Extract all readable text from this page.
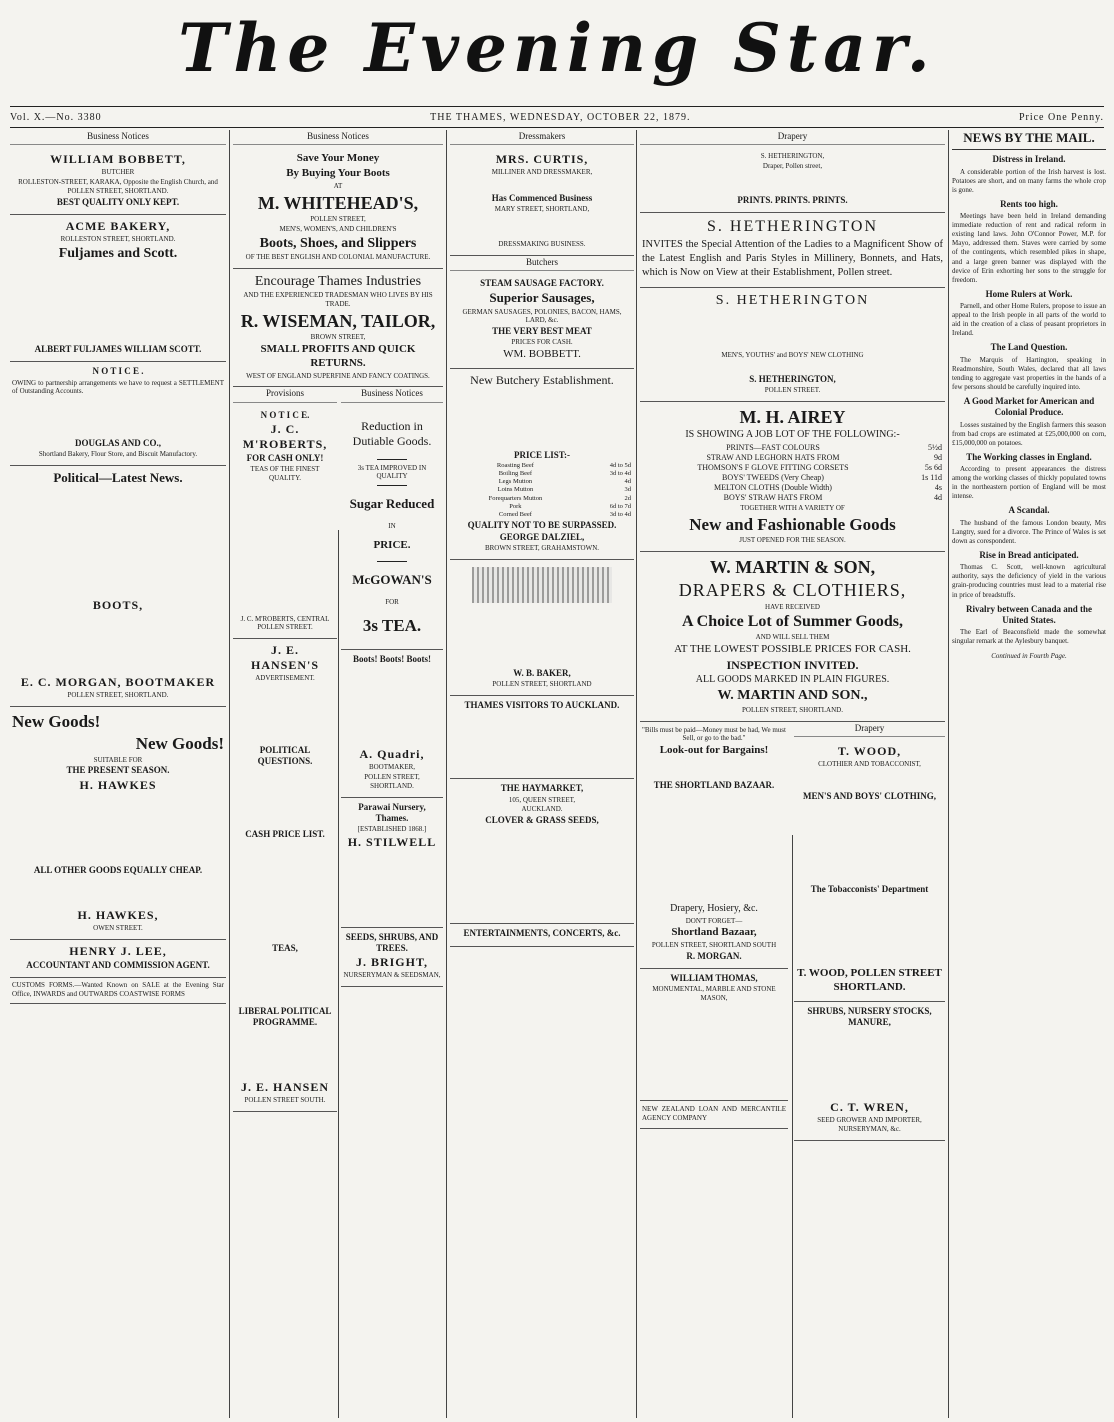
The Evening Star.
Vol. X.—No. 3380	THE THAMES, WEDNESDAY, OCTOBER 22, 1879.	Price One Penny.
Business Notices

WILLIAM BOBBETT,

BUTCHER

ROLLESTON-STREET, KARAKA, Opposite the English Church, and POLLEN STREET, SHORTLAND.

BEST QUALITY ONLY KEPT.

ACME BAKERY,

ROLLESTON STREET, SHORTLAND.

Fuljames and Scott.

ALBERT FULJAMES WILLIAM SCOTT.

N O T I C E .

OWING to partnership arrangements we have to request a SETTLEMENT of Outstanding Accounts.

DOUGLAS AND CO.,

Shortland Bakery, Flour Store, and Biscuit Manufactory.

Political—Latest News.

BOOTS,

E. C. MORGAN, BOOTMAKER

POLLEN STREET, SHORTLAND.

New Goods!

New Goods!

SUITABLE FOR

THE PRESENT SEASON.

H. HAWKES

ALL OTHER GOODS EQUALLY CHEAP.

H. HAWKES,

OWEN STREET.

HENRY J. LEE,

ACCOUNTANT AND COMMISSION AGENT.

CUSTOMS FORMS.—Wanted Known on SALE at the Evening Star Office, INWARDS and OUTWARDS COASTWISE FORMS
Business Notices

Save Your Money

By Buying Your Boots

AT

M. WHITEHEAD'S,

POLLEN STREET,

MEN'S, WOMEN'S, AND CHILDREN'S

Boots, Shoes, and Slippers

OF THE BEST ENGLISH AND COLONIAL MANUFACTURE.

Encourage Thames Industries

AND THE EXPERIENCED TRADESMAN WHO LIVES BY HIS TRADE.

R. WISEMAN, TAILOR,

BROWN STREET,

SMALL PROFITS AND QUICK RETURNS.

WEST OF ENGLAND SUPERFINE AND FANCY COATINGS.

Provisions

N O T I C E.

J. C. M'ROBERTS,

FOR CASH ONLY!

TEAS OF THE FINEST QUALITY.

J. C. M'ROBERTS, CENTRAL POLLEN STREET.

J. E. HANSEN'S

ADVERTISEMENT.

POLITICAL QUESTIONS.

CASH PRICE LIST.

TEAS,

LIBERAL POLITICAL PROGRAMME.

J. E. HANSEN

POLLEN STREET SOUTH.

Business Notices

Reduction in Dutiable Goods.

3s TEA IMPROVED IN QUALITY

Sugar Reduced

IN

PRICE.

McGOWAN'S

FOR

3s TEA.

Boots! Boots! Boots!

A. Quadri,

BOOTMAKER,

POLLEN STREET, SHORTLAND.

Parawai Nursery, Thames.

[ESTABLISHED 1868.]

H. STILWELL

SEEDS, SHRUBS, AND TREES.

J. BRIGHT,

NURSERYMAN & SEEDSMAN,

Dressmakers

MRS. CURTIS,

MILLINER AND DRESSMAKER,

Has Commenced Business

MARY STREET, SHORTLAND,

DRESSMAKING BUSINESS.

Butchers

STEAM SAUSAGE FACTORY.

Superior Sausages,

GERMAN SAUSAGES, POLONIES, BACON, HAMS, LARD, &c.

THE VERY BEST MEAT

PRICES FOR CASH.

WM. BOBBETT.

New Butchery Establishment.

PRICE LIST:-

Roasting Beef	4d to 5d
Boiling Beef	3d to 4d
Legs Mutton	4d
Loins Mutton	3d
Forequarters Mutton	2d
Pork	6d to 7d
Corned Beef	3d to 4d

QUALITY NOT TO BE SURPASSED.

GEORGE DALZIEL,

BROWN STREET, GRAHAMSTOWN.

W. B. BAKER,

POLLEN STREET, SHORTLAND

THAMES VISITORS TO AUCKLAND.

THE HAYMARKET,

105, QUEEN STREET,

AUCKLAND.

CLOVER & GRASS SEEDS,

ENTERTAINMENTS, CONCERTS, &c.

Drapery

S. HETHERINGTON,

Draper, Pollen street,

PRINTS. PRINTS. PRINTS.

S. HETHERINGTON

INVITES the Special Attention of the Ladies to a Magnificent Show of the Latest English and Paris Styles in Millinery, Bonnets, and Hats, which is Now on View at their Establishment, Pollen street.

S. HETHERINGTON

MEN'S, YOUTHS' and BOYS' NEW CLOTHING

S. HETHERINGTON,

POLLEN STREET.

M. H. AIREY

IS SHOWING A JOB LOT OF THE FOLLOWING:-

PRINTS—FAST COLOURS	5½d
STRAW AND LEGHORN HATS FROM	9d
THOMSON'S F GLOVE FITTING CORSETS	5s 6d
BOYS' TWEEDS (Very Cheap)	1s 11d
MELTON CLOTHS (Double Width)	4s
BOYS' STRAW HATS FROM	4d

TOGETHER WITH A VARIETY OF

New and Fashionable Goods

JUST OPENED FOR THE SEASON.

W. MARTIN & SON,

DRAPERS & CLOTHIERS,

HAVE RECEIVED

A Choice Lot of Summer Goods,

AND WILL SELL THEM

AT THE LOWEST POSSIBLE PRICES FOR CASH.

INSPECTION INVITED.

ALL GOODS MARKED IN PLAIN FIGURES.

W. MARTIN AND SON.,

POLLEN STREET, SHORTLAND.

"Bills must be paid—Money must be had, We must Sell, or go to the bad."

Look-out for Bargains!

THE SHORTLAND BAZAAR.

Drapery, Hosiery, &c.

DON'T FORGET—

Shortland Bazaar,

POLLEN STREET, SHORTLAND SOUTH

R. MORGAN.

WILLIAM THOMAS,

MONUMENTAL, MARBLE AND STONE MASON,

NEW ZEALAND LOAN AND MERCANTILE AGENCY COMPANY

Drapery

T. WOOD,

CLOTHIER AND TOBACCONIST,

MEN'S AND BOYS' CLOTHING,

The Tobacconists' Department

T. WOOD, POLLEN STREET SHORTLAND.

SHRUBS, NURSERY STOCKS, MANURE,

C. T. WREN,

SEED GROWER AND IMPORTER, NURSERYMAN, &c.

NEWS BY THE MAIL.
Distress in Ireland.

A considerable portion of the Irish harvest is lost. Potatoes are short, and on many farms the whole crop is gone.

Rents too high.

Meetings have been held in Ireland demanding immediate reduction of rent and radical reform in existing land laws. John O'Connor Power, M.P. for Mayo, addressed them. Staves were carried by some of the contingents, which resembled pikes in shape, and a large green banner was displayed with the device of Erin exhorting her sons to the struggle for freedom.

Home Rulers at Work.

Parnell, and other Home Rulers, propose to issue an appeal to the Irish people in all parts of the world to aid in the creation of a class of peasant proprietors in Ireland.

The Land Question.

The Marquis of Hartington, speaking in Readmonshire, South Wales, declared that all laws tending to aggregate vast properties in the hands of a few persons should be carefully inquired into.

A Good Market for American and Colonial Produce.

Losses sustained by the English farmers this season from bad crops are estimated at £25,000,000 on corn, £15,000,000 on potatoes.

The Working classes in England.

According to present appearances the distress among the working classes of thickly populated towns in the northeastern portion of England will be most intense.

A Scandal.

The husband of the famous London beauty, Mrs Langtry, sued for a divorce. The Prince of Wales is set down as corespondent.

Rise in Bread anticipated.

Thomas C. Scott, well-known agricultural authority, says the deficiency of yield in the various grain-producing countries must lead to a material rise in price of breadstuffs.

Rivalry between Canada and the United States.

The Earl of Beaconsfield made the somewhat singular remark at the Aylesbury banquet.

Continued in Fourth Page.
